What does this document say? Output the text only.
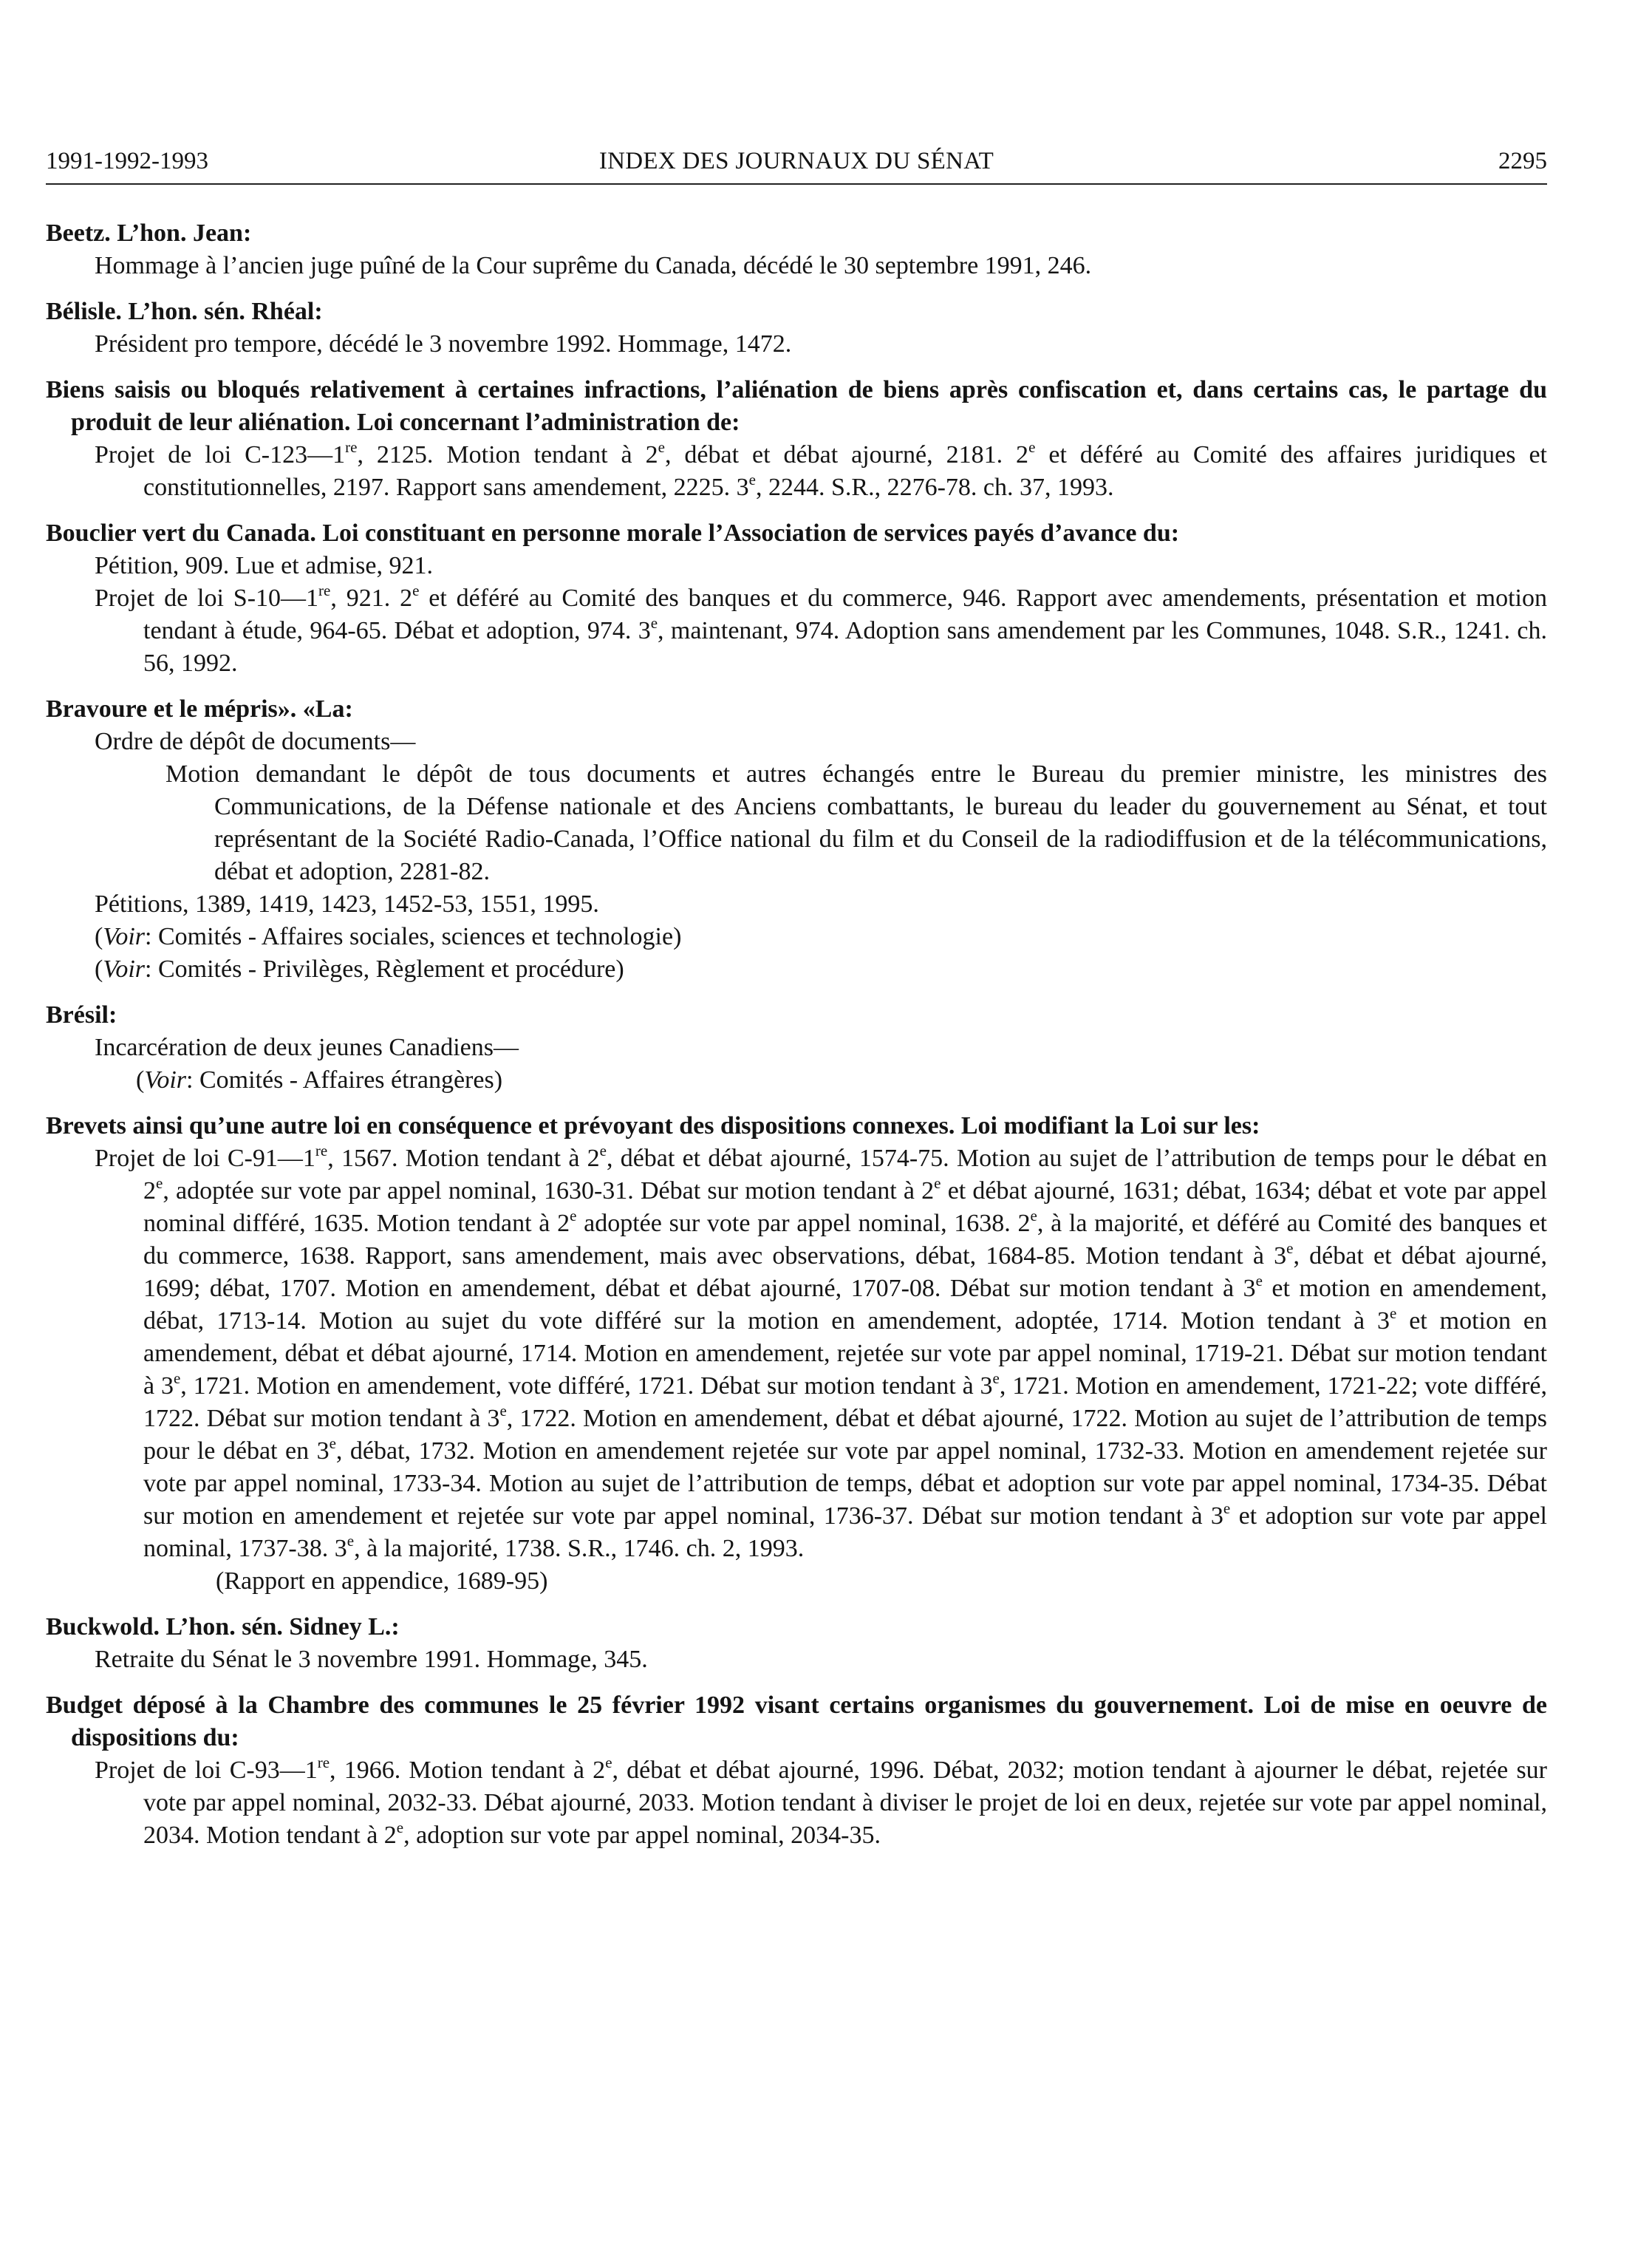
1991-1992-1993	INDEX DES JOURNAUX DU SÉNAT	2295
Beetz. L’hon. Jean:
Hommage à l’ancien juge puîné de la Cour suprême du Canada, décédé le 30 septembre 1991, 246.
Bélisle. L’hon. sén. Rhéal:
Président pro tempore, décédé le 3 novembre 1992. Hommage, 1472.
Biens saisis ou bloqués relativement à certaines infractions, l’aliénation de biens après confiscation et, dans certains cas, le partage du produit de leur aliénation. Loi concernant l’administration de:
Projet de loi C-123—1re, 2125. Motion tendant à 2e, débat et débat ajourné, 2181. 2e et déféré au Comité des affaires juridiques et constitutionnelles, 2197. Rapport sans amendement, 2225. 3e, 2244. S.R., 2276-78. ch. 37, 1993.
Bouclier vert du Canada. Loi constituant en personne morale l’Association de services payés d’avance du:
Pétition, 909. Lue et admise, 921.
Projet de loi S-10—1re, 921. 2e et déféré au Comité des banques et du commerce, 946. Rapport avec amendements, présentation et motion tendant à étude, 964-65. Débat et adoption, 974. 3e, maintenant, 974. Adoption sans amendement par les Communes, 1048. S.R., 1241. ch. 56, 1992.
Bravoure et le mépris». «La:
Ordre de dépôt de documents—
Motion demandant le dépôt de tous documents et autres échangés entre le Bureau du premier ministre, les ministres des Communications, de la Défense nationale et des Anciens combattants, le bureau du leader du gouvernement au Sénat, et tout représentant de la Société Radio-Canada, l’Office national du film et du Conseil de la radiodiffusion et de la télécommunications, débat et adoption, 2281-82.
Pétitions, 1389, 1419, 1423, 1452-53, 1551, 1995.
(Voir: Comités - Affaires sociales, sciences et technologie)
(Voir: Comités - Privilèges, Règlement et procédure)
Brésil:
Incarcération de deux jeunes Canadiens—
(Voir: Comités - Affaires étrangères)
Brevets ainsi qu’une autre loi en conséquence et prévoyant des dispositions connexes. Loi modifiant la Loi sur les:
Projet de loi C-91—1re, 1567. Motion tendant à 2e, débat et débat ajourné, 1574-75. Motion au sujet de l’attribution de temps pour le débat en 2e, adoptée sur vote par appel nominal, 1630-31. Débat sur motion tendant à 2e et débat ajourné, 1631; débat, 1634; débat et vote par appel nominal différé, 1635. Motion tendant à 2e adoptée sur vote par appel nominal, 1638. 2e, à la majorité, et déféré au Comité des banques et du commerce, 1638. Rapport, sans amendement, mais avec observations, débat, 1684-85. Motion tendant à 3e, débat et débat ajourné, 1699; débat, 1707. Motion en amendement, débat et débat ajourné, 1707-08. Débat sur motion tendant à 3e et motion en amendement, débat, 1713-14. Motion au sujet du vote différé sur la motion en amendement, adoptée, 1714. Motion tendant à 3e et motion en amendement, débat et débat ajourné, 1714. Motion en amendement, rejetée sur vote par appel nominal, 1719-21. Débat sur motion tendant à 3e, 1721. Motion en amendement, vote différé, 1721. Débat sur motion tendant à 3e, 1721. Motion en amendement, 1721-22; vote différé, 1722. Débat sur motion tendant à 3e, 1722. Motion en amendement, débat et débat ajourné, 1722. Motion au sujet de l’attribution de temps pour le débat en 3e, débat, 1732. Motion en amendement rejetée sur vote par appel nominal, 1732-33. Motion en amendement rejetée sur vote par appel nominal, 1733-34. Motion au sujet de l’attribution de temps, débat et adoption sur vote par appel nominal, 1734-35. Débat sur motion en amendement et rejetée sur vote par appel nominal, 1736-37. Débat sur motion tendant à 3e et adoption sur vote par appel nominal, 1737-38. 3e, à la majorité, 1738. S.R., 1746. ch. 2, 1993.
(Rapport en appendice, 1689-95)
Buckwold. L’hon. sén. Sidney L.:
Retraite du Sénat le 3 novembre 1991. Hommage, 345.
Budget déposé à la Chambre des communes le 25 février 1992 visant certains organismes du gouvernement. Loi de mise en oeuvre de dispositions du:
Projet de loi C-93—1re, 1966. Motion tendant à 2e, débat et débat ajourné, 1996. Débat, 2032; motion tendant à ajourner le débat, rejetée sur vote par appel nominal, 2032-33. Débat ajourné, 2033. Motion tendant à diviser le projet de loi en deux, rejetée sur vote par appel nominal, 2034. Motion tendant à 2e, adoption sur vote par appel nominal, 2034-35.
